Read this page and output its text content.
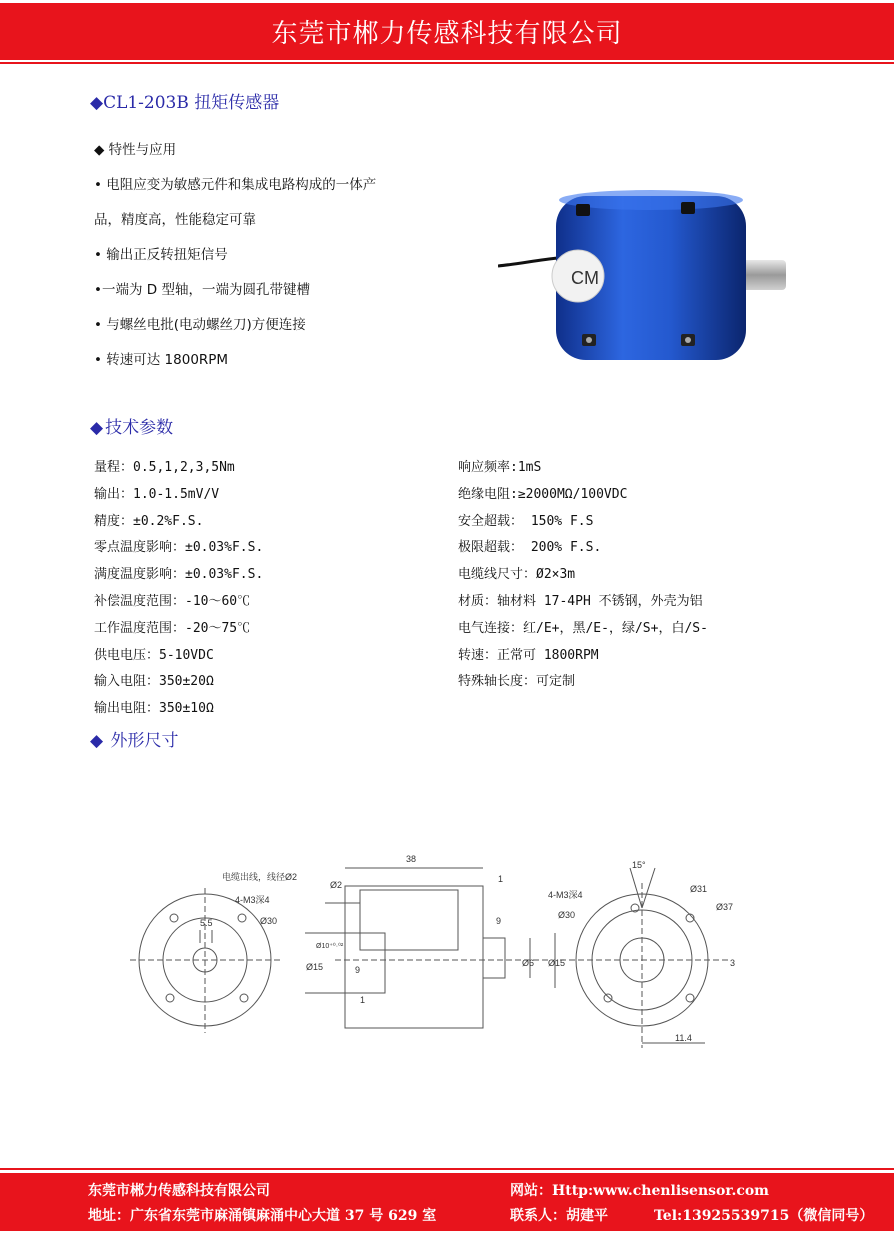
东莞市郴力传感科技有限公司
◆CL1-203B 扭矩传感器
◆ 特性与应用
• 电阻应变为敏感元件和集成电路构成的一体产
品，精度高，性能稳定可靠
• 输出正反转扭矩信号
•一端为 D 型轴，一端为圆孔带键槽
• 与螺丝电批(电动螺丝刀)方便连接
• 转速可达 1800RPM
CM
◆ 技术参数
量程：0.5,1,2,3,5Nm
输出：1.0-1.5mV/V
精度：±0.2%F.S.
零点温度影响：±0.03%F.S.
满度温度影响：±0.03%F.S.
补偿温度范围：-10～60℃
工作温度范围：-20～75℃
供电电压：5-10VDC
输入电阻：350±20Ω
输出电阻：350±10Ω
响应频率:1mS
绝缘电阻:≥2000MΩ/100VDC
安全超载： 150% F.S
极限超载： 200% F.S.
电缆线尺寸：Ø2×3m
材质：轴材料 17-4PH 不锈钢，外壳为铝
电气连接：红/E+，黑/E-，绿/S+，白/S-
转速：正常可 1800RPM
特殊轴长度：可定制
◆ 外形尺寸
电缆出线，线径Ø2
4-M3深4
Ø30
5.5
38
Ø2
1
9
Ø15
Ø10⁺⁰·⁰²
9
1
Ø6 Ø15
15°
4-M3深4
Ø31
Ø30
Ø37
3
11.4
东莞市郴力传感科技有限公司	网站：Http:www.chenlisensor.com
地址：广东省东莞市麻涌镇麻涌中心大道 37 号 629 室	联系人：胡建平	Tel:13925539715（微信同号）
